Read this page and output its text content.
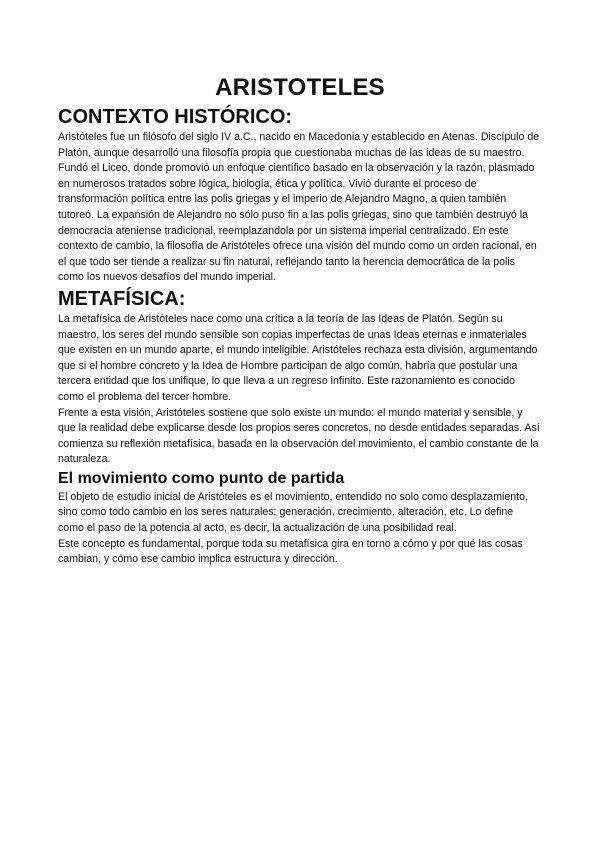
ARISTOTELES
CONTEXTO HISTÓRICO:

Aristóteles fue un filósofo del siglo IV a.C., nacido en Macedonia y establecido en Atenas. Discípulo de Platón, aunque desarrolló una filosofía propia que cuestionaba muchas de las ideas de su maestro. Fundó el Liceo, donde promovió un enfoque científico basado en la observación y la razón, plasmado en numerosos tratados sobre lógica, biología, ética y política. Vivió durante el proceso de transformación política entre las polis griegas y el imperio de Alejandro Magno, a quien también tutoreó. La expansión de Alejandro no sólo puso fin a las polis griegas, sino que también destruyó la democracia ateniense tradicional, reemplazandola por un sistema imperial centralizado. En este contexto de cambio, la filosofía de Aristóteles ofrece una visión del mundo como un orden racional, en el que todo ser tiende a realizar su fin natural, reflejando tanto la herencia democrática de la polis como los nuevos desafíos del mundo imperial.

METAFÍSICA:

La metafísica de Aristóteles nace como una crítica a la teoría de las Ideas de Platón. Según su maestro, los seres del mundo sensible son copias imperfectas de unas Ideas eternas e inmateriales que existen en un mundo aparte, el mundo inteligible. Aristóteles rechaza esta división, argumentando que si el hombre concreto y la Idea de Hombre participan de algo común, habría que postular una tercera entidad que los unifique, lo que lleva a un regreso infinito. Este razonamiento es conocido como el problema del tercer hombre.

Frente a esta visión, Aristóteles sostiene que solo existe un mundo: el mundo material y sensible, y que la realidad debe explicarse desde los propios seres concretos, no desde entidades separadas. Así comienza su reflexión metafísica, basada en la observación del movimiento, el cambio constante de la naturaleza.

El movimiento como punto de partida

El objeto de estudio inicial de Aristóteles es el movimiento, entendido no solo como desplazamiento, sino como todo cambio en los seres naturales: generación, crecimiento, alteración, etc. Lo define como el paso de la potencia al acto, es decir, la actualización de una posibilidad real.

Este concepto es fundamental, porque toda su metafísica gira en torno a cómo y por qué las cosas cambian, y cómo ese cambio implica estructura y dirección.
